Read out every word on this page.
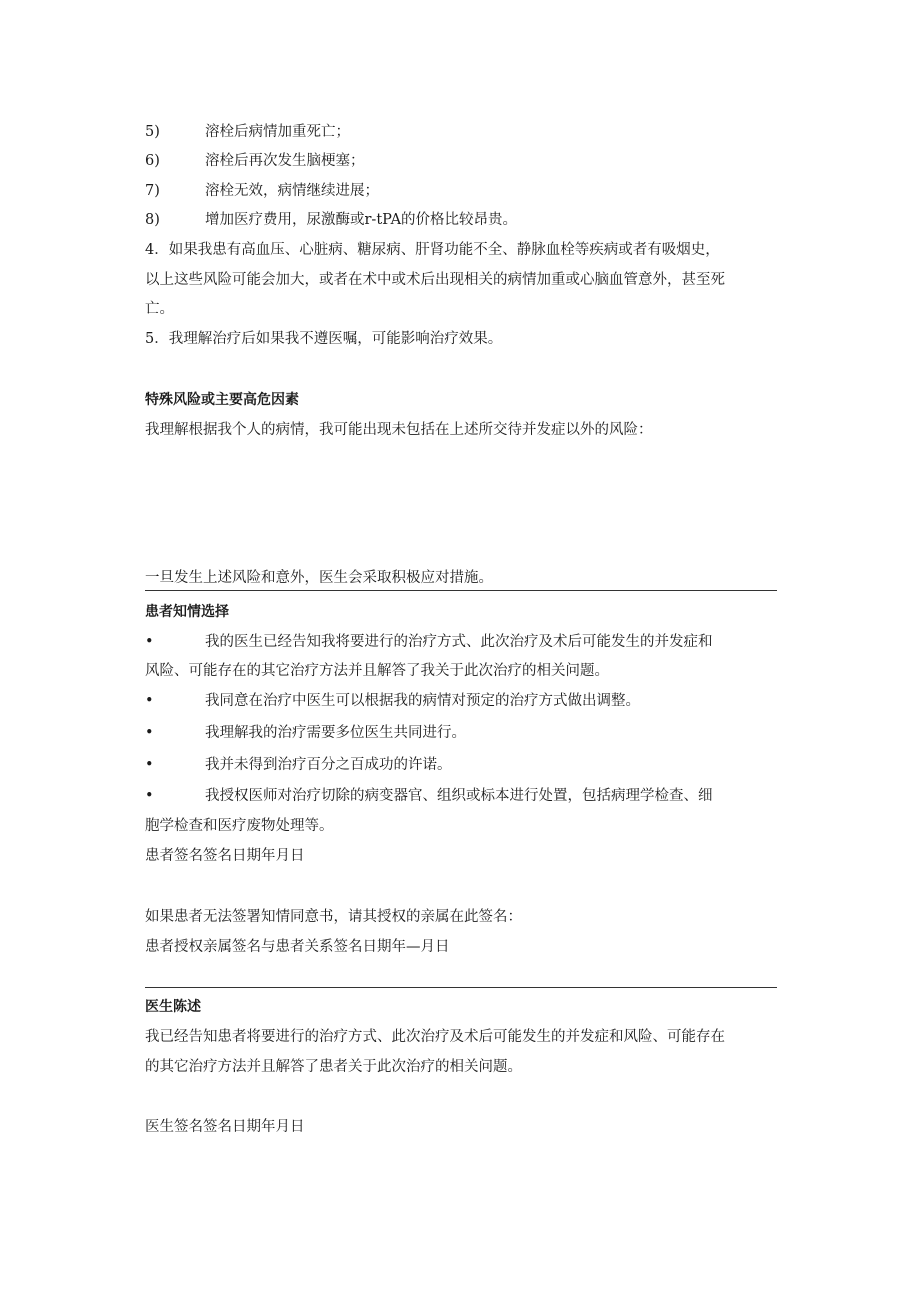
5)	溶栓后病情加重死亡；
6)	溶栓后再次发生脑梗塞；
7)	溶栓无效，病情继续进展；
8)	增加医疗费用，尿激酶或r-tPA的价格比较昂贵。
4．如果我患有高血压、心脏病、糖尿病、肝肾功能不全、静脉血栓等疾病或者有吸烟史，
以上这些风险可能会加大，或者在术中或术后出现相关的病情加重或心脑血管意外，甚至死
亡。
5．我理解治疗后如果我不遵医嘱，可能影响治疗效果。
特殊风险或主要高危因素
我理解根据我个人的病情，我可能出现未包括在上述所交待并发症以外的风险：
一旦发生上述风险和意外，医生会采取积极应对措施。
患者知情选择
•	我的医生已经告知我将要进行的治疗方式、此次治疗及术后可能发生的并发症和
风险、可能存在的其它治疗方法并且解答了我关于此次治疗的相关问题。
•	我同意在治疗中医生可以根据我的病情对预定的治疗方式做出调整。
•	我理解我的治疗需要多位医生共同进行。
•	我并未得到治疗百分之百成功的许诺。
•	我授权医师对治疗切除的病变器官、组织或标本进行处置，包括病理学检查、细
胞学检查和医疗废物处理等。
患者签名签名日期年月日
如果患者无法签署知情同意书，请其授权的亲属在此签名：
患者授权亲属签名与患者关系签名日期年—月日
医生陈述
我已经告知患者将要进行的治疗方式、此次治疗及术后可能发生的并发症和风险、可能存在
的其它治疗方法并且解答了患者关于此次治疗的相关问题。
医生签名签名日期年月日
